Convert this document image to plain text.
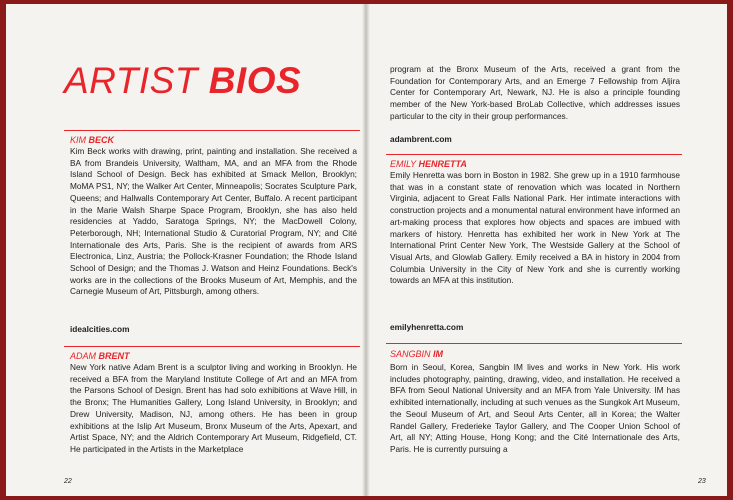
ARTIST BIOS

KIM BECK

Kim Beck works with drawing, print, painting and installation. She received a BA from Brandeis University, Waltham, MA, and an MFA from the Rhode Island School of Design. Beck has exhibited at Smack Mellon, Brooklyn; MoMA PS1, NY; the Walker Art Center, Minneapolis; Socrates Sculpture Park, Queens; and Hallwalls Contemporary Art Center, Buffalo. A recent participant in the Marie Walsh Sharpe Space Program, Brooklyn, she has also held residencies at Yaddo, Saratoga Springs, NY; the MacDowell Colony, Peterborough, NH; International Studio & Curatorial Program, NY; and Cité Internationale des Arts, Paris. She is the recipient of awards from ARS Electronica, Linz, Austria; the Pollock-Krasner Foundation; the Rhode Island School of Design; and the Thomas J. Watson and Heinz Foundations. Beck's works are in the collections of the Brooks Museum of Art, Memphis, and the Carnegie Museum of Art, Pittsburgh, among others.

idealcities.com

ADAM BRENT

New York native Adam Brent is a sculptor living and working in Brooklyn. He received a BFA from the Maryland Institute College of Art and an MFA from the Parsons School of Design. Brent has had solo exhibitions at Wave Hill, in the Bronx; The Humanities Gallery, Long Island University, in Brooklyn; and Drew University, Madison, NJ, among others. He has been in group exhibitions at the Islip Art Museum, Bronx Museum of the Arts, Apexart, and Artist Space, NY; and the Aldrich Contemporary Art Museum, Ridgefield, CT. He participated in the Artists in the Marketplace

22

program at the Bronx Museum of the Arts, received a grant from the Foundation for Contemporary Arts, and an Emerge 7 Fellowship from Aljira Center for Contemporary Art, Newark, NJ. He is also a principle founding member of the New York-based BroLab Collective, which addresses issues particular to the city in their group performances.

adambrent.com

EMILY HENRETTA

Emily Henretta was born in Boston in 1982. She grew up in a 1910 farmhouse that was in a constant state of renovation which was located in Northern Virginia, adjacent to Great Falls National Park. Her intimate interactions with construction projects and a monumental natural environment have informed an art-making process that explores how objects and spaces are imbued with markers of history. Henretta has exhibited her work in New York at The International Print Center New York, The Westside Gallery at the School of Visual Arts, and Glowlab Gallery. Emily received a BA in history in 2004 from Columbia University in the City of New York and she is currently working towards an MFA at this institution.

emilyhenretta.com

SANGBIN IM

Born in Seoul, Korea, Sangbin IM lives and works in New York. His work includes photography, painting, drawing, video, and installation. He received a BFA from Seoul National University and an MFA from Yale University. IM has exhibited internationally, including at such venues as the Sungkok Art Museum, the Seoul Museum of Art, and Seoul Arts Center, all in Korea; the Walter Randel Gallery, Frederieke Taylor Gallery, and The Cooper Union School of Art, all NY; Atting House, Hong Kong; and the Cité Internationale des Arts, Paris. He is currently pursuing a

23
